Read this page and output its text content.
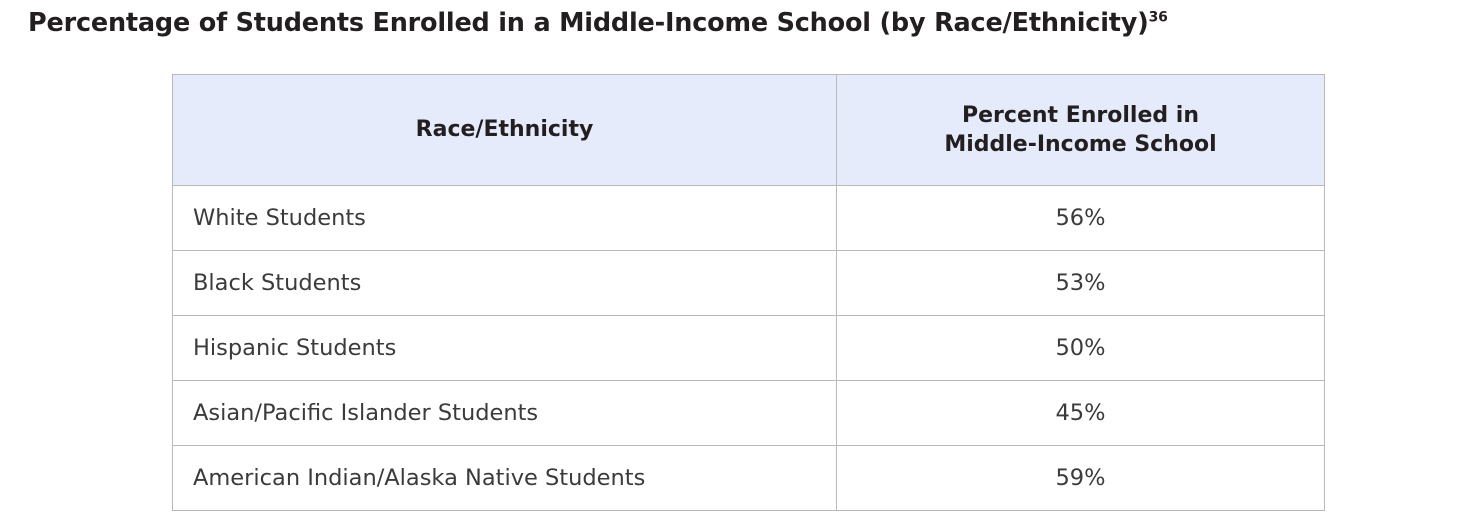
Percentage of Students Enrolled in a Middle-Income School (by Race/Ethnicity)$^{36}$
Race/Ethnicity	Percent Enrolled in
Middle-Income School

White Students	56%
Black Students	53%
Hispanic Students	50%
Asian/Pacific Islander Students	45%
American Indian/Alaska Native Students	59%
